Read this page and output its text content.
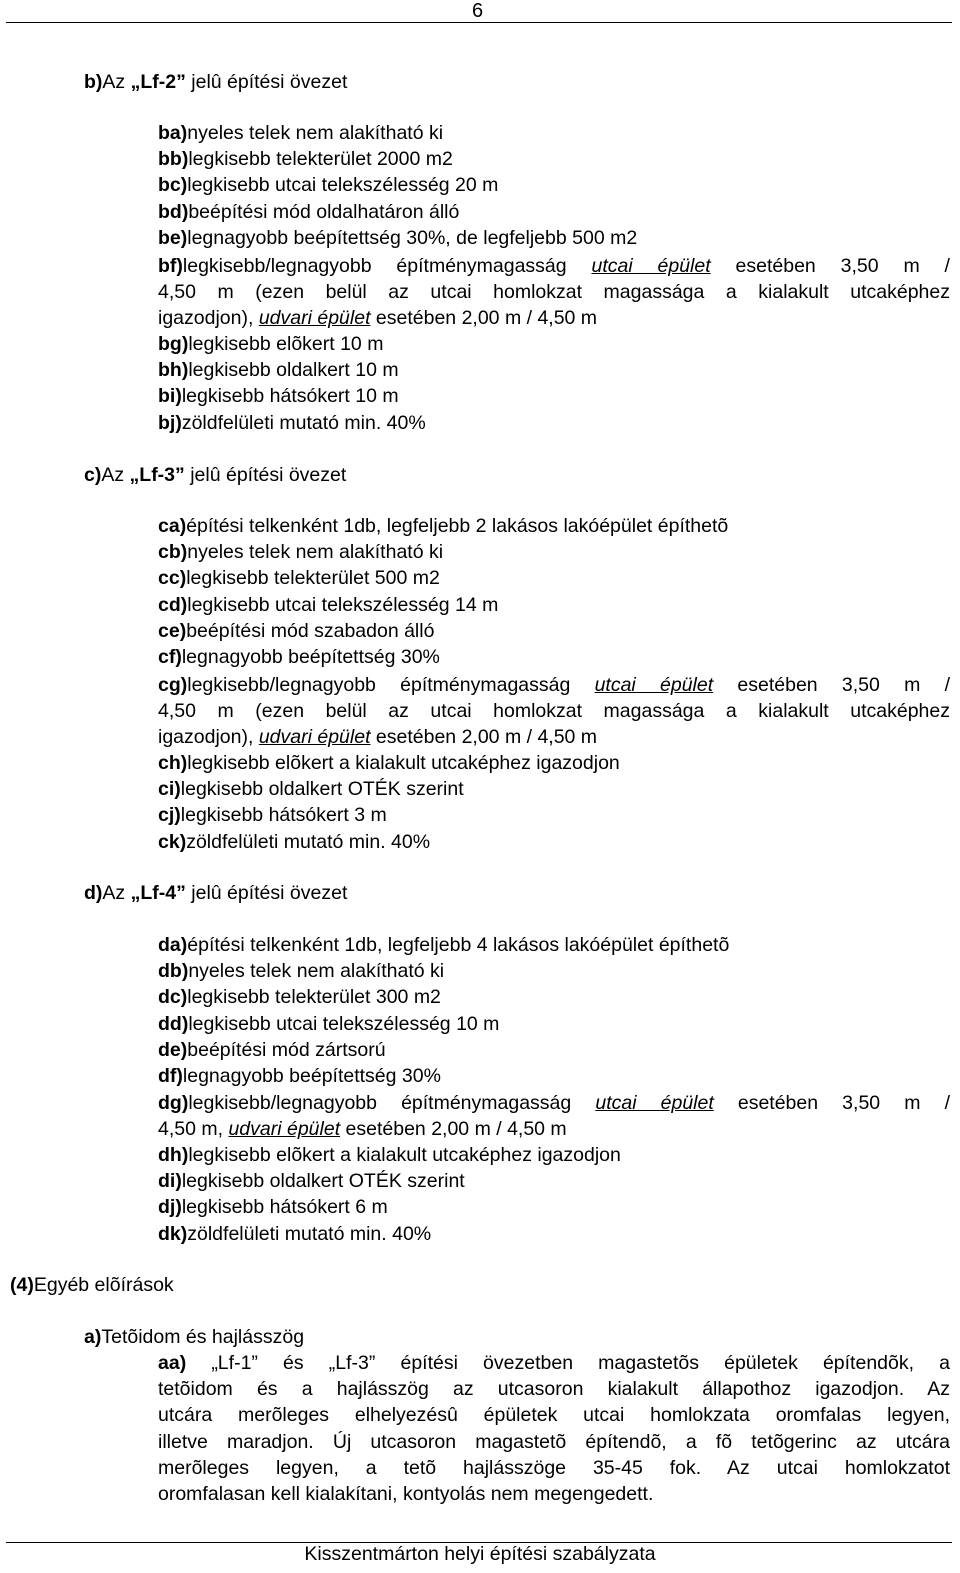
6
b)Az „Lf-2” jelû építési övezet
c)Az „Lf-3” jelû építési övezet
d)Az „Lf-4” jelû építési övezet
(4)Egyéb elõírások
a)Tetõidom és hajlásszög
ba)nyeles telek nem alakítható ki
bb)legkisebb telekterület 2000 m2
bc)legkisebb utcai telekszélesség 20 m
bd)beépítési mód oldalhatáron álló
be)legnagyobb beépítettség 30%, de legfeljebb 500 m2
bf)legkisebb/legnagyobb építménymagasság utcai épület esetében 3,50 m /
4,50 m (ezen belül az utcai homlokzat magassága a kialakult utcaképhez
igazodjon), udvari épület esetében 2,00 m / 4,50 m
bg)legkisebb elõkert 10 m
bh)legkisebb oldalkert 10 m
bi)legkisebb hátsókert 10 m
bj)zöldfelületi mutató min. 40%
ca)építési telkenként 1db, legfeljebb 2 lakásos lakóépület építhetõ
cb)nyeles telek nem alakítható ki
cc)legkisebb telekterület 500 m2
cd)legkisebb utcai telekszélesség 14 m
ce)beépítési mód szabadon álló
cf)legnagyobb beépítettség 30%
cg)legkisebb/legnagyobb építménymagasság utcai épület esetében 3,50 m /
4,50 m (ezen belül az utcai homlokzat magassága a kialakult utcaképhez
igazodjon), udvari épület esetében 2,00 m / 4,50 m
ch)legkisebb elõkert a kialakult utcaképhez igazodjon
ci)legkisebb oldalkert OTÉK szerint
cj)legkisebb hátsókert 3 m
ck)zöldfelületi mutató min. 40%
da)építési telkenként 1db, legfeljebb 4 lakásos lakóépület építhetõ
db)nyeles telek nem alakítható ki
dc)legkisebb telekterület 300 m2
dd)legkisebb utcai telekszélesség 10 m
de)beépítési mód zártsorú
df)legnagyobb beépítettség 30%
dg)legkisebb/legnagyobb építménymagasság utcai épület esetében 3,50 m /
4,50 m, udvari épület esetében 2,00 m / 4,50 m
dh)legkisebb elõkert a kialakult utcaképhez igazodjon
di)legkisebb oldalkert OTÉK szerint
dj)legkisebb hátsókert 6 m
dk)zöldfelületi mutató min. 40%
aa) „Lf-1” és „Lf-3” építési övezetben magastetõs épületek építendõk, a
tetõidom és a hajlásszög az utcasoron kialakult állapothoz igazodjon. Az
utcára merõleges elhelyezésû épületek utcai homlokzata oromfalas legyen,
illetve maradjon. Új utcasoron magastetõ építendõ, a fõ tetõgerinc az utcára
merõleges legyen, a tetõ hajlásszöge 35-45 fok. Az utcai homlokzatot
oromfalasan kell kialakítani, kontyolás nem megengedett.
Kisszentmárton helyi építési szabályzata
